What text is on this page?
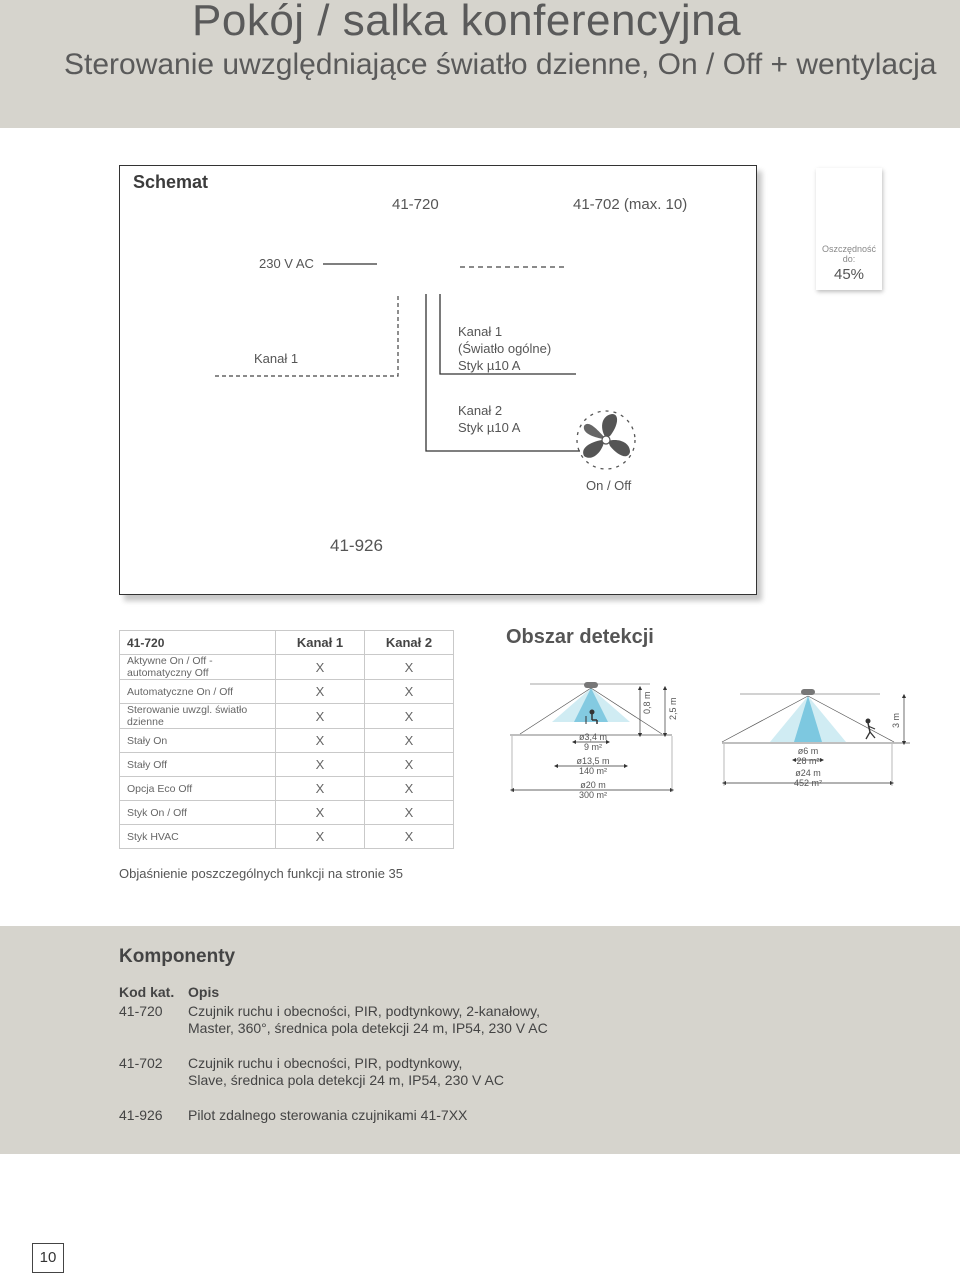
Pokój / salka konferencyjna
Sterowanie uwzględniające światło dzienne, On / Off + wentylacja
Schemat
41-720	41-702 (max. 10)
230 V AC
Kanał 1
Kanał 1
(Światło ogólne)
Styk µ10 A
Kanał 2
Styk µ10 A
On / Off
41-926
Oszczędność
do:
45%
41-720	Kanał 1	Kanał 2
Aktywne On / Off - automatyczny Off	X	X
Automatyczne On / Off	X	X
Sterowanie uwzgl. światło dzienne	X	X
Stały On	X	X
Stały Off	X	X
Opcja Eco Off	X	X
Styk On / Off	X	X
Styk HVAC	X	X
Obszar detekcji
0,8 m 2,5 m
ø3,4 m
9 m²
ø13,5 m
140 m²
ø20 m
300 m²
3 m
ø6 m
28 m²
ø24 m
452 m²
Objaśnienie poszczególnych funkcji na stronie 35
Komponenty
Kod kat. Opis
41-720 Czujnik ruchu i obecności, PIR, podtynkowy, 2-kanałowy,
Master, 360°, średnica pola detekcji 24 m, IP54, 230 V AC
41-702 Czujnik ruchu i obecności, PIR, podtynkowy,
Slave, średnica pola detekcji 24 m, IP54, 230 V AC
41-926 Pilot zdalnego sterowania czujnikami 41-7XX
10
